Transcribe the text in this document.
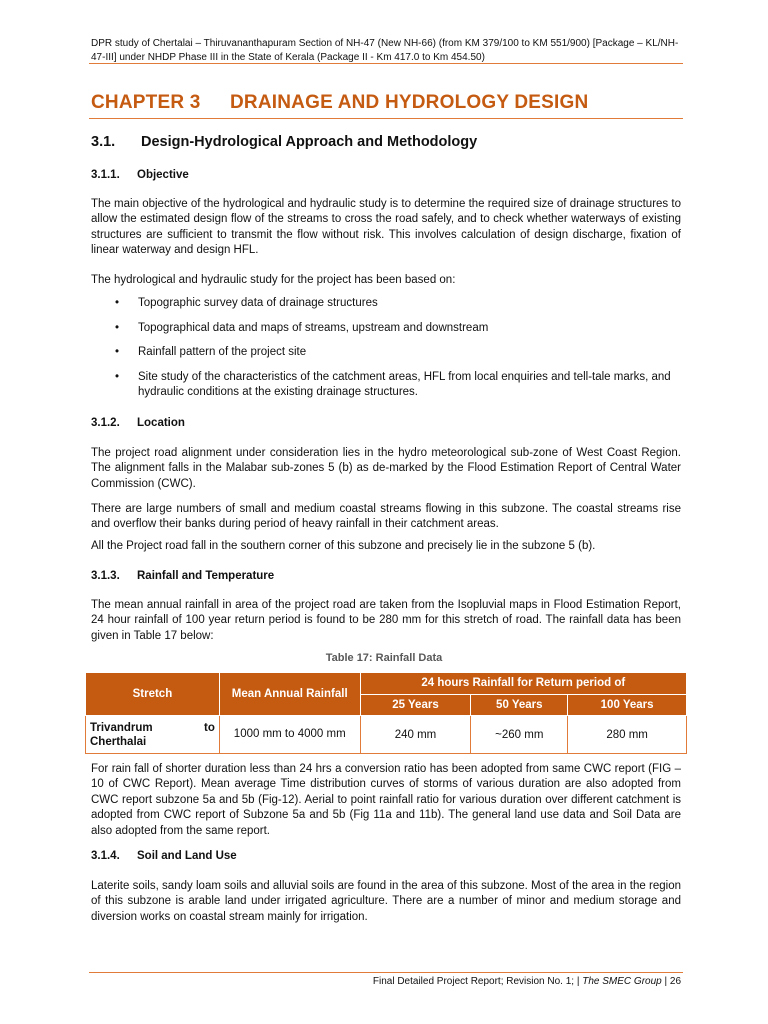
DPR study of Chertalai – Thiruvananthapuram Section of NH-47 (New NH-66) (from KM 379/100 to KM 551/900) [Package – KL/NH-47-III] under NHDP Phase III in the State of Kerala (Package II - Km 417.0 to Km 454.50)
CHAPTER 3 DRAINAGE AND HYDROLOGY DESIGN
3.1. Design-Hydrological Approach and Methodology
3.1.1. Objective
The main objective of the hydrological and hydraulic study is to determine the required size of drainage structures to allow the estimated design flow of the streams to cross the road safely, and to check whether waterways of existing structures are sufficient to transmit the flow without risk. This involves calculation of design discharge, fixation of linear waterway and design HFL.
The hydrological and hydraulic study for the project has been based on:
• Topographic survey data of drainage structures
• Topographical data and maps of streams, upstream and downstream
• Rainfall pattern of the project site
• Site study of the characteristics of the catchment areas, HFL from local enquiries and tell-tale marks, and hydraulic conditions at the existing drainage structures.
3.1.2. Location
The project road alignment under consideration lies in the hydro meteorological sub-zone of West Coast Region. The alignment falls in the Malabar sub-zones 5 (b) as de-marked by the Flood Estimation Report of Central Water Commission (CWC).
There are large numbers of small and medium coastal streams flowing in this subzone. The coastal streams rise and overflow their banks during period of heavy rainfall in their catchment areas.
All the Project road fall in the southern corner of this subzone and precisely lie in the subzone 5 (b).
3.1.3. Rainfall and Temperature
The mean annual rainfall in area of the project road are taken from the Isopluvial maps in Flood Estimation Report, 24 hour rainfall of 100 year return period is found to be 280 mm for this stretch of road. The rainfall data has been given in Table 17 below:
Table 17: Rainfall Data
Stretch	Mean Annual Rainfall	24 hours Rainfall for Return period of		
		25 Years	50 Years	100 Years

Trivandrum to
Cherthalai	1000 mm to 4000 mm	240 mm	~260 mm	280 mm
For rain fall of shorter duration less than 24 hrs a conversion ratio has been adopted from same CWC report (FIG –10 of CWC Report). Mean average Time distribution curves of storms of various duration are also adopted from CWC report subzone 5a and 5b (Fig-12). Aerial to point rainfall ratio for various duration over different catchment is adopted from CWC report of Subzone 5a and 5b (Fig 11a and 11b). The general land use data and Soil Data are also adopted from the same report.
3.1.4. Soil and Land Use
Laterite soils, sandy loam soils and alluvial soils are found in the area of this subzone. Most of the area in the region of this subzone is arable land under irrigated agriculture. There are a number of minor and medium storage and diversion works on coastal stream mainly for irrigation.
Final Detailed Project Report; Revision No. 1; | The SMEC Group | 26
